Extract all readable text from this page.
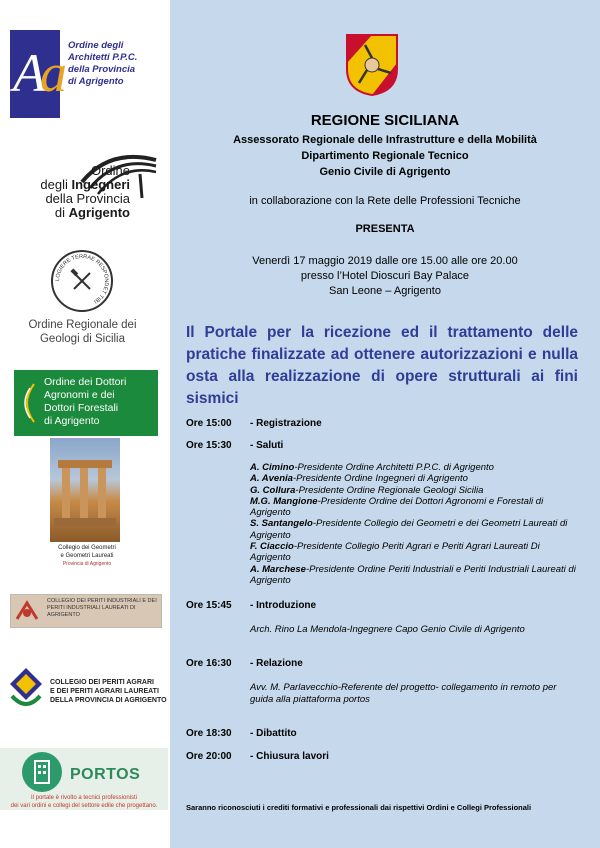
Aa Ordine degli
Architetti P.P.C.
della Provincia
di Agrigento
Ordine
degli Ingegneri
della Provincia
di Agrigento
LOGIERE TERRAE RESPONDET TIBI
Ordine Regionale dei
Geologi di Sicilia
Ordine dei Dottori
Agronomi e dei
Dottori Forestali
di Agrigento
Collegio dei Geometri
e Geometri Laureati
Provincia di Agrigento
COLLEGIO DEI PERITI INDUSTRIALI E DEI PERITI INDUSTRIALI LAUREATI DI AGRIGENTO
COLLEGIO DEI PERITI AGRARI
E DEI PERITI AGRARI LAUREATI
DELLA PROVINCIA DI AGRIGENTO
PORTOS
Il portale è rivolto a tecnici professionisti
dei vari ordini e collegi del settore edile che progettano.
REGIONE SICILIANA
Assessorato Regionale delle Infrastrutture e della Mobilità
Dipartimento Regionale Tecnico
Genio Civile di Agrigento
in collaborazione con la Rete delle Professioni Tecniche
PRESENTA
Venerdì 17 maggio 2019 dalle ore 15.00 alle ore 20.00
presso l’Hotel Dioscuri Bay Palace
San Leone – Agrigento
Il Portale per la ricezione ed il trattamento delle pratiche finalizzate ad ottenere autorizzazioni e nulla osta alla realizzazione di opere strutturali ai fini sismici
Ore 15:00 - Registrazione
Ore 15:30 - Saluti
A. Cimino-Presidente Ordine Architetti P.P.C. di Agrigento
A. Avenia-Presidente Ordine Ingegneri di Agrigento
G. Collura-Presidente Ordine Regionale Geologi Sicilia
M.G. Mangione-Presidente Ordine dei Dottori Agronomi e Forestali di Agrigento
S. Santangelo-Presidente Collegio dei Geometri e dei Geometri Laureati di Agrigento
F. Ciaccio-Presidente Collegio Periti Agrari e Periti Agrari Laureati Di Agrigento
A. Marchese-Presidente Ordine Periti Industriali e Periti Industriali Laureati di Agrigento
Ore 15:45 - Introduzione
Arch. Rino La Mendola-Ingegnere Capo Genio Civile di Agrigento
Ore 16:30 - Relazione
Avv. M. Parlavecchio-Referente del progetto- collegamento in remoto per guida alla piattaforma portos
Ore 18:30 - Dibattito
Ore 20:00 - Chiusura lavori
Saranno riconosciuti i crediti formativi e professionali dai rispettivi Ordini e Collegi Professionali
